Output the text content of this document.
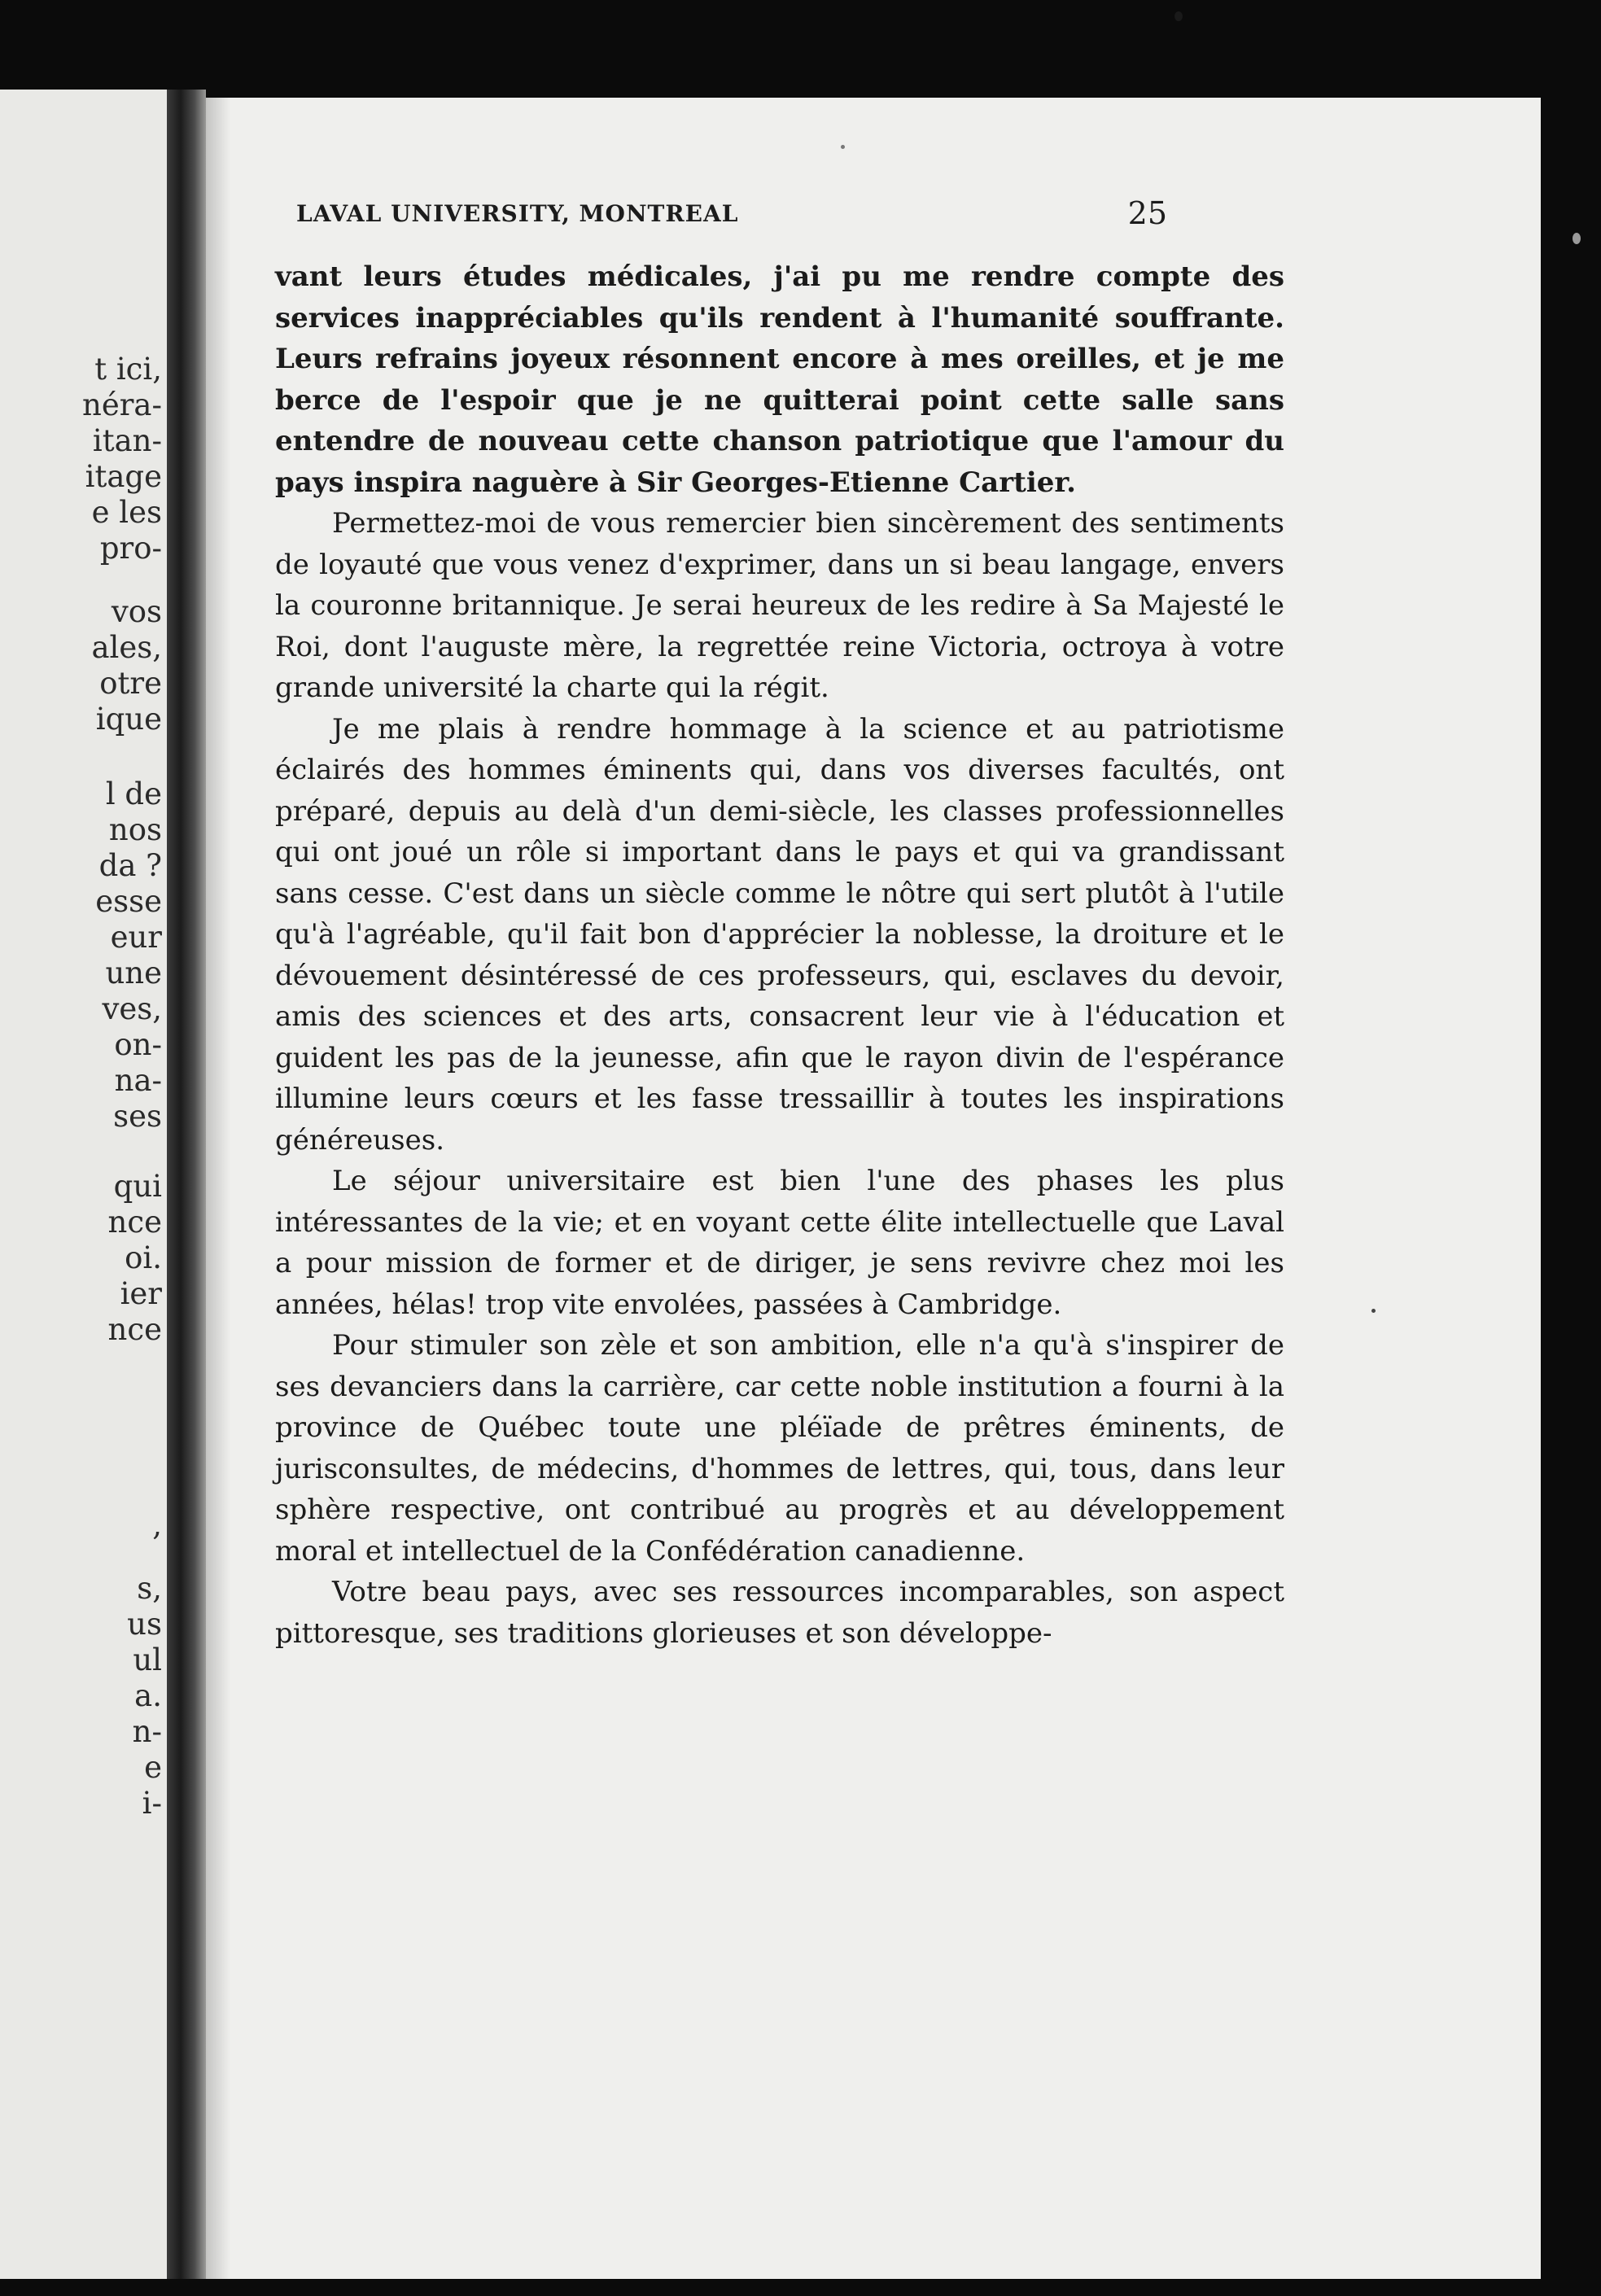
t ici,
néra-
itan-
itage
e les
pro-
vos
ales,
otre
ique
l de
nos
da ?
esse
eur
une
ves,
on-
na-
ses
qui
nce
oi.
ier
nce
,
s,
us
ul
a.
n-
e
i-
LAVAL UNIVERSITY, MONTREAL	25

vant leurs études médicales, j'ai pu me rendre compte des services inappréciables qu'ils rendent à l'humanité souffrante. Leurs refrains joyeux résonnent encore à mes oreilles, et je me berce de l'espoir que je ne quitterai point cette salle sans entendre de nouveau cette chanson patriotique que l'amour du pays inspira naguère à Sir Georges-Etienne Cartier.

Permettez-moi de vous remercier bien sincèrement des sentiments de loyauté que vous venez d'exprimer, dans un si beau langage, envers la couronne britannique. Je serai heureux de les redire à Sa Majesté le Roi, dont l'auguste mère, la regrettée reine Victoria, octroya à votre grande université la charte qui la régit.

Je me plais à rendre hommage à la science et au patriotisme éclairés des hommes éminents qui, dans vos diverses facultés, ont préparé, depuis au delà d'un demi-siècle, les classes professionnelles qui ont joué un rôle si important dans le pays et qui va grandissant sans cesse. C'est dans un siècle comme le nôtre qui sert plutôt à l'utile qu'à l'agréable, qu'il fait bon d'apprécier la noblesse, la droiture et le dévouement désintéressé de ces professeurs, qui, esclaves du devoir, amis des sciences et des arts, consacrent leur vie à l'éducation et guident les pas de la jeunesse, afin que le rayon divin de l'espérance illumine leurs cœurs et les fasse tressaillir à toutes les inspirations généreuses.

Le séjour universitaire est bien l'une des phases les plus intéressantes de la vie; et en voyant cette élite intellectuelle que Laval a pour mission de former et de diriger, je sens revivre chez moi les années, hélas! trop vite envolées, passées à Cambridge.

Pour stimuler son zèle et son ambition, elle n'a qu'à s'inspirer de ses devanciers dans la carrière, car cette noble institution a fourni à la province de Québec toute une pléïade de prêtres éminents, de jurisconsultes, de médecins, d'hommes de lettres, qui, tous, dans leur sphère respective, ont contribué au progrès et au développement moral et intellectuel de la Confédération canadienne.

Votre beau pays, avec ses ressources incomparables, son aspect pittoresque, ses traditions glorieuses et son développe-
